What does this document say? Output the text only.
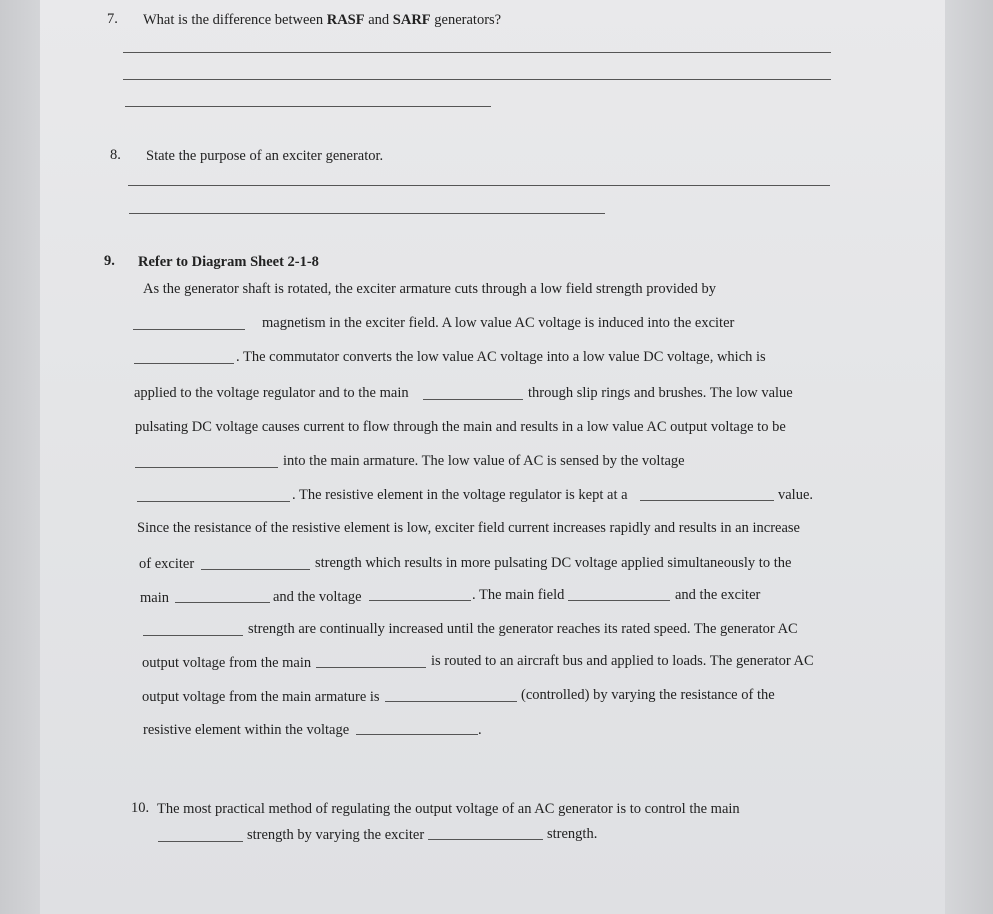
7. What is the difference between RASF and SARF generators?
8. State the purpose of an exciter generator.
9. Refer to Diagram Sheet 2-1-8
As the generator shaft is rotated, the exciter armature cuts through a low field strength provided by
magnetism in the exciter field. A low value AC voltage is induced into the exciter
. The commutator converts the low value AC voltage into a low value DC voltage, which is
applied to the voltage regulator and to the main	through slip rings and brushes. The low value
pulsating DC voltage causes current to flow through the main and results in a low value AC output voltage to be
into the main armature. The low value of AC is sensed by the voltage
. The resistive element in the voltage regulator is kept at a	value.
Since the resistance of the resistive element is low, exciter field current increases rapidly and results in an increase
of exciter	strength which results in more pulsating DC voltage applied simultaneously to the
main	and the voltage	. The main field	and the exciter
strength are continually increased until the generator reaches its rated speed. The generator AC
output voltage from the main	is routed to an aircraft bus and applied to loads. The generator AC
output voltage from the main armature is	(controlled) by varying the resistance of the
resistive element within the voltage	.
10. The most practical method of regulating the output voltage of an AC generator is to control the main
strength by varying the exciter	strength.
